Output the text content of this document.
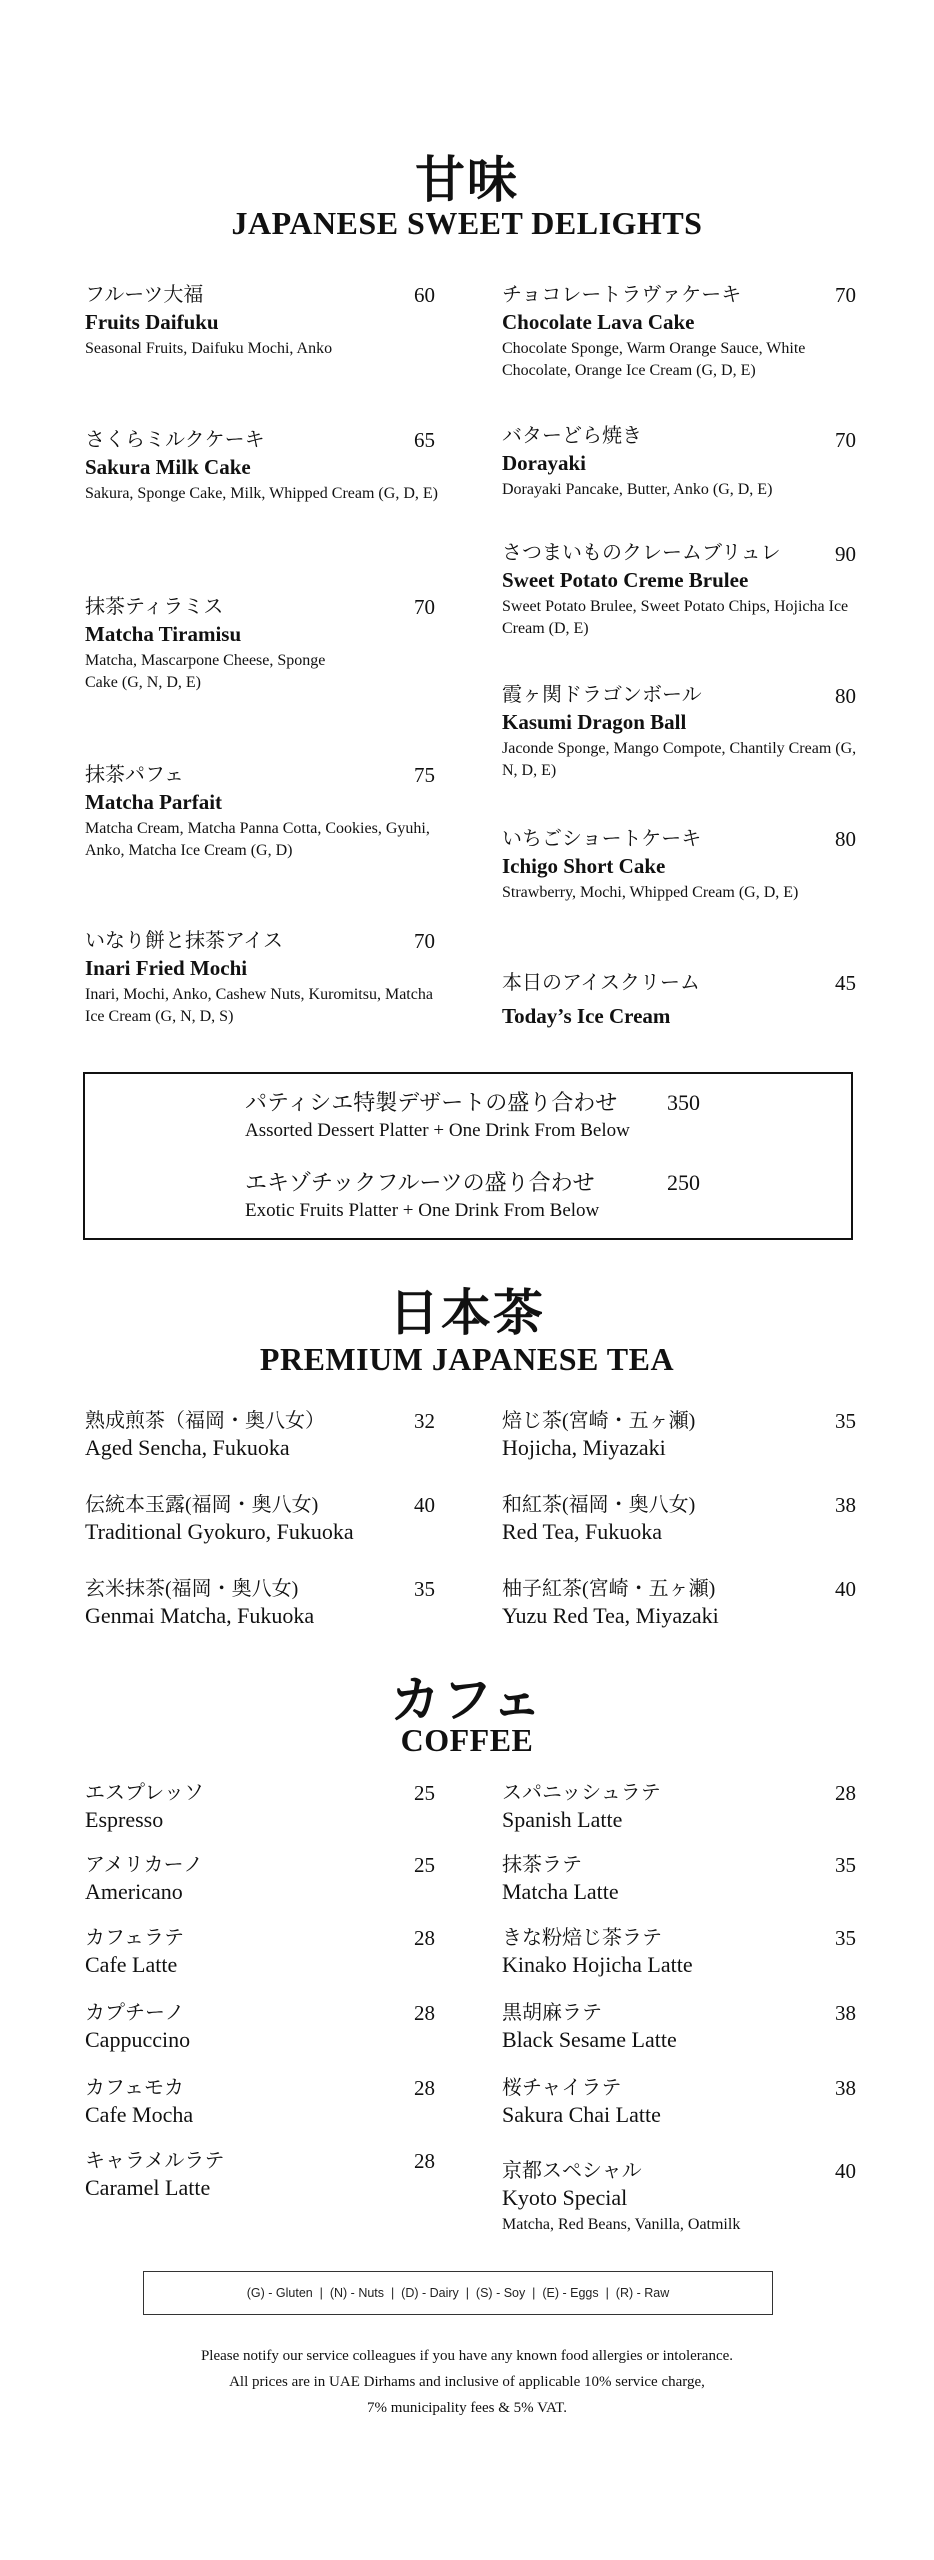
甘味
JAPANESE SWEET DELIGHTS
フルーツ大福
Fruits Daifuku
Seasonal Fruits, Daifuku Mochi, Anko
60
さくらミルクケーキ
Sakura Milk Cake
Sakura, Sponge Cake, Milk, Whipped Cream (G, D, E)
65
抹茶ティラミス
Matcha Tiramisu
Matcha, Mascarpone Cheese, Sponge Cake (G, N, D, E)
70
抹茶パフェ
Matcha Parfait
Matcha Cream, Matcha Panna Cotta, Cookies, Gyuhi, Anko, Matcha Ice Cream (G, D)
75
いなり餅と抹茶アイス
Inari Fried Mochi
Inari, Mochi, Anko, Cashew Nuts, Kuromitsu, Matcha Ice Cream (G, N, D, S)
70
チョコレートラヴァケーキ
Chocolate Lava Cake
Chocolate Sponge, Warm Orange Sauce, White Chocolate, Orange Ice Cream (G, D, E)
70
バターどら焼き
Dorayaki
Dorayaki Pancake, Butter, Anko (G, D, E)
70
さつまいものクレームブリュレ
Sweet Potato Creme Brulee
Sweet Potato Brulee, Sweet Potato Chips, Hojicha Ice Cream (D, E)
90
霞ヶ関ドラゴンボール
Kasumi Dragon Ball
Jaconde Sponge, Mango Compote, Chantily Cream (G, N, D, E)
80
いちごショートケーキ
Ichigo Short Cake
Strawberry, Mochi, Whipped Cream (G, D, E)
80
本日のアイスクリーム
Today’s Ice Cream
45
パティシエ特製デザートの盛り合わせ
Assorted Dessert Platter + One Drink From Below
350
エキゾチックフルーツの盛り合わせ
Exotic Fruits Platter + One Drink From Below
250
日本茶
PREMIUM JAPANESE TEA
熟成煎茶（福岡・奥八女）
Aged Sencha, Fukuoka
32
伝統本玉露(福岡・奥八女)
Traditional Gyokuro, Fukuoka
40
玄米抹茶(福岡・奥八女)
Genmai Matcha, Fukuoka
35
焙じ茶(宮崎・五ヶ瀬)
Hojicha, Miyazaki
35
和紅茶(福岡・奥八女)
Red Tea, Fukuoka
38
柚子紅茶(宮崎・五ヶ瀬)
Yuzu Red Tea, Miyazaki
40
カフェ
COFFEE
エスプレッソ
Espresso
25
アメリカーノ
Americano
25
カフェラテ
Cafe Latte
28
カプチーノ
Cappuccino
28
カフェモカ
Cafe Mocha
28
キャラメルラテ
Caramel Latte
28
スパニッシュラテ
Spanish Latte
28
抹茶ラテ
Matcha Latte
35
きな粉焙じ茶ラテ
Kinako Hojicha Latte
35
黒胡麻ラテ
Black Sesame Latte
38
桜チャイラテ
Sakura Chai Latte
38
京都スペシャル
Kyoto Special
Matcha, Red Beans, Vanilla, Oatmilk
40
(G) - Gluten  |  (N) - Nuts  |  (D) - Dairy  |  (S) - Soy  |  (E) - Eggs  |  (R) - Raw
Please notify our service colleagues if you have any known food allergies or intolerance.
All prices are in UAE Dirhams and inclusive of applicable 10% service charge,
7% municipality fees & 5% VAT.
